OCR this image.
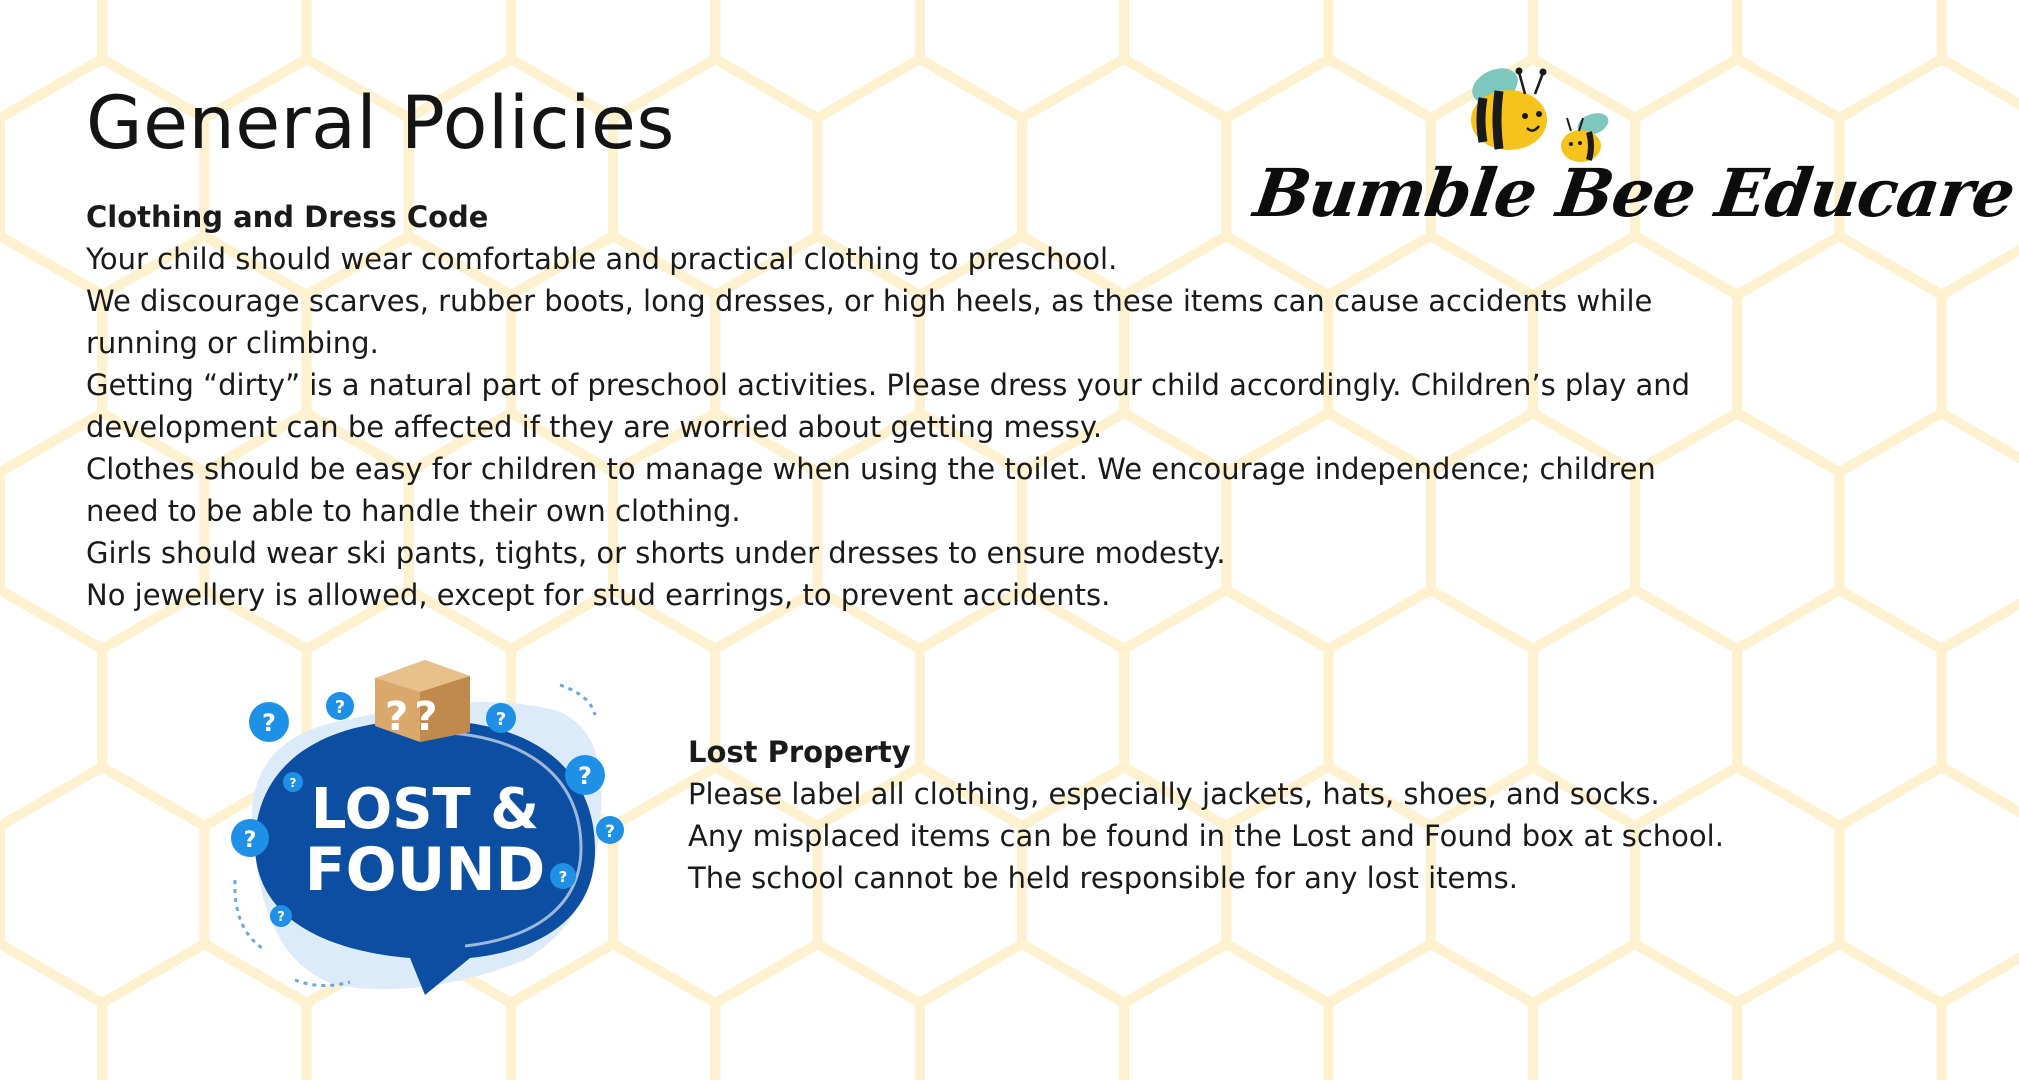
General Policies
Bumble Bee Educare

Clothing and Dress Code

Your child should wear comfortable and practical clothing to preschool.

We discourage scarves, rubber boots, long dresses, or high heels, as these items can cause accidents while running or climbing.

Getting “dirty” is a natural part of preschool activities. Please dress your child accordingly. Children’s play and development can be affected if they are worried about getting messy.

Clothes should be easy for children to manage when using the toilet. We encourage independence; children need to be able to handle their own clothing.

Girls should wear ski pants, tights, or shorts under dresses to ensure modesty.

No jewellery is allowed, except for stud earrings, to prevent accidents.

??
LOST &
FOUND
?
?
?
?
?
?	?
?
?

Lost Property

Please label all clothing, especially jackets, hats, shoes, and socks.

Any misplaced items can be found in the Lost and Found box at school.

The school cannot be held responsible for any lost items.
